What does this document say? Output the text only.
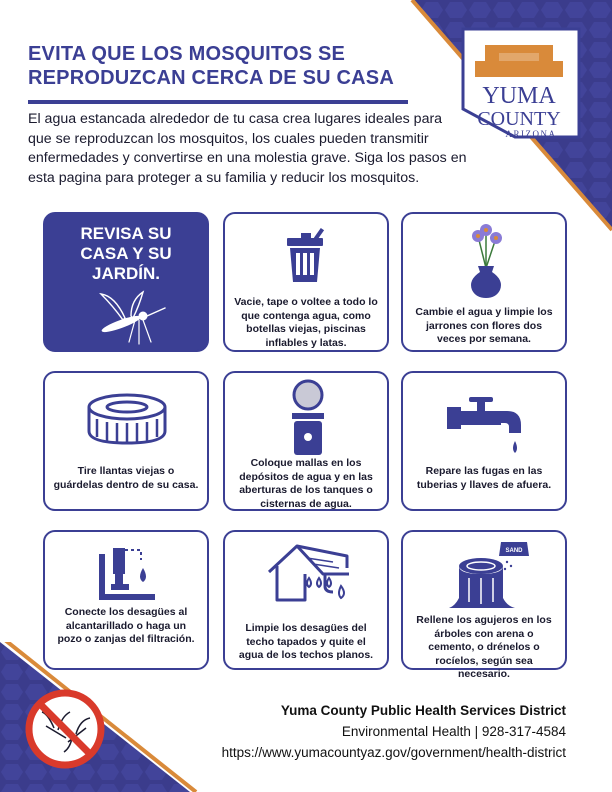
YUMA
COUNTY
ARIZONA
EVITA QUE LOS MOSQUITOS SE
REPRODUZCAN CERCA DE SU CASA
El agua estancada alrededor de tu casa crea lugares ideales para que se reproduzcan los mosquitos, los cuales pueden transmitir enfermedades y convertirse en una molestia grave. Siga los pasos en esta pagina para proteger a su familia y reducir los mosquitos.
REVISA SU
CASA Y SU
JARDÍN.
Vacie, tape o voltee a todo lo que contenga agua, como botellas viejas, piscinas inflables y latas.
Cambie el agua y limpie los jarrones con flores dos veces por semana.
Tire llantas viejas o guárdelas dentro de su casa.
Coloque mallas en los depósitos de agua y en las aberturas de los tanques o cisternas de agua.
Repare las fugas en las tuberias y llaves de afuera.
Conecte los desagües al alcantarillado o haga un pozo o zanjas del filtración.
Limpie los desagües del techo tapados y quite el agua de los techos planos.
SAND
Rellene los agujeros en los árboles con arena o cemento, o drénelos o rocíelos, según sea necesario.
Yuma County Public Health Services District
Environmental Health | 928-317-4584
https://www.yumacountyaz.gov/government/health-district
